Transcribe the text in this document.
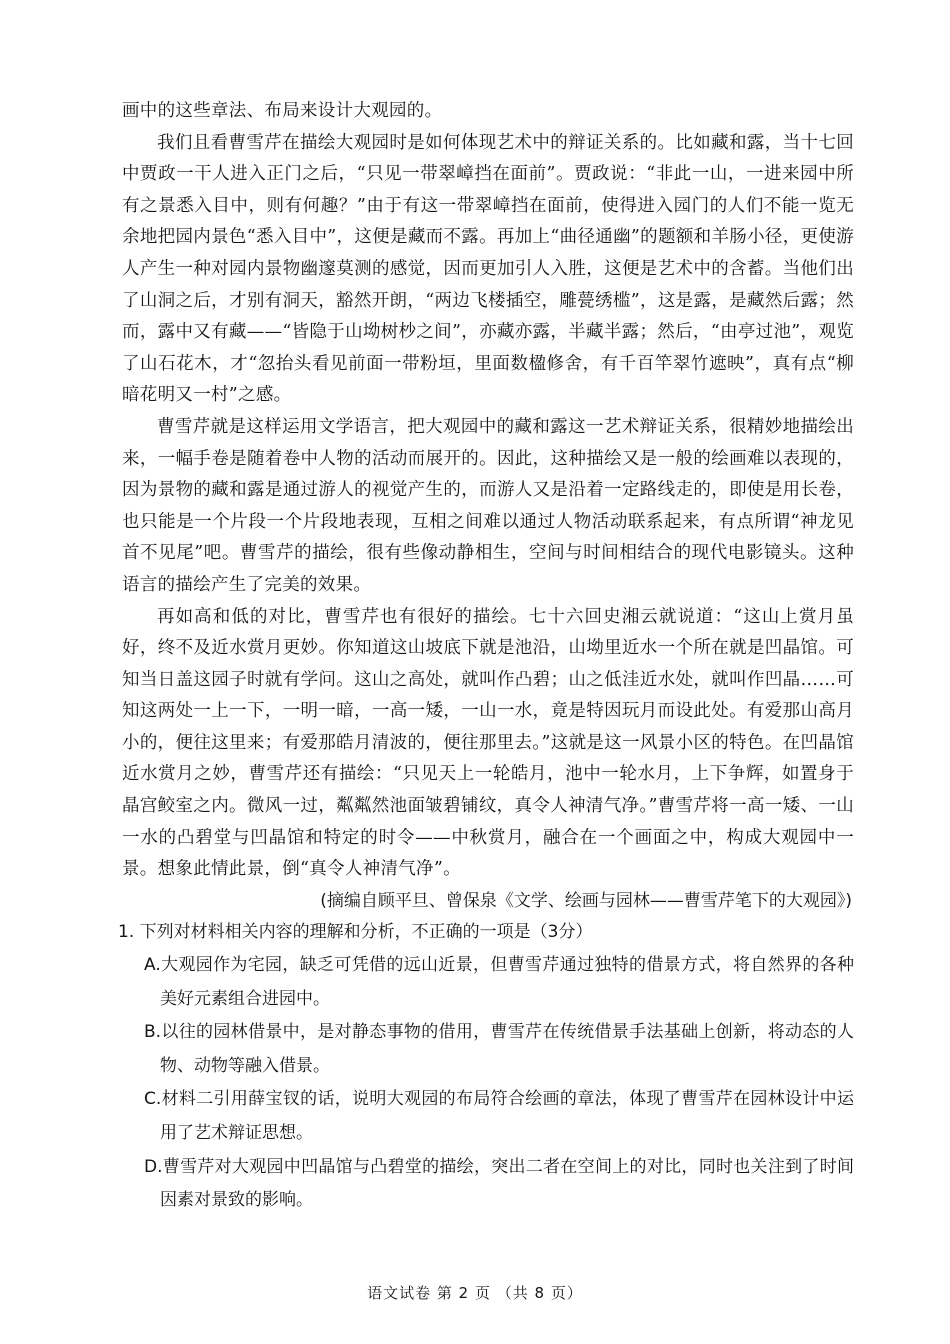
画中的这些章法、布局来设计大观园的。

我们且看曹雪芹在描绘大观园时是如何体现艺术中的辩证关系的。比如藏和露，当十七回中贾政一干人进入正门之后，“只见一带翠嶂挡在面前”。贾政说：“非此一山，一进来园中所有之景悉入目中，则有何趣？”由于有这一带翠嶂挡在面前，使得进入园门的人们不能一览无余地把园内景色“悉入目中”，这便是藏而不露。再加上“曲径通幽”的题额和羊肠小径，更使游人产生一种对园内景物幽邃莫测的感觉，因而更加引人入胜，这便是艺术中的含蓄。当他们出了山洞之后，才别有洞天，豁然开朗，“两边飞楼插空，雕甍绣槛”，这是露，是藏然后露；然而，露中又有藏——“皆隐于山坳树杪之间”，亦藏亦露，半藏半露；然后，“由亭过池”，观览了山石花木，才“忽抬头看见前面一带粉垣，里面数楹修舍，有千百竿翠竹遮映”，真有点“柳暗花明又一村”之感。

曹雪芹就是这样运用文学语言，把大观园中的藏和露这一艺术辩证关系，很精妙地描绘出来，一幅手卷是随着卷中人物的活动而展开的。因此，这种描绘又是一般的绘画难以表现的，因为景物的藏和露是通过游人的视觉产生的，而游人又是沿着一定路线走的，即使是用长卷，也只能是一个片段一个片段地表现，互相之间难以通过人物活动联系起来，有点所谓“神龙见首不见尾”吧。曹雪芹的描绘，很有些像动静相生，空间与时间相结合的现代电影镜头。这种语言的描绘产生了完美的效果。

再如高和低的对比，曹雪芹也有很好的描绘。七十六回史湘云就说道：“这山上赏月虽好，终不及近水赏月更妙。你知道这山坡底下就是池沿，山坳里近水一个所在就是凹晶馆。可知当日盖这园子时就有学问。这山之高处，就叫作凸碧；山之低洼近水处，就叫作凹晶……可知这两处一上一下，一明一暗，一高一矮，一山一水，竟是特因玩月而设此处。有爱那山高月小的，便往这里来；有爱那皓月清波的，便往那里去。”这就是这一风景小区的特色。在凹晶馆近水赏月之妙，曹雪芹还有描绘：“只见天上一轮皓月，池中一轮水月，上下争辉，如置身于晶宫鲛室之内。微风一过，粼粼然池面皱碧铺纹，真令人神清气净。”曹雪芹将一高一矮、一山一水的凸碧堂与凹晶馆和特定的时令——中秋赏月，融合在一个画面之中，构成大观园中一景。想象此情此景，倒“真令人神清气净”。

(摘编自顾平旦、曾保泉《文学、绘画与园林——曹雪芹笔下的大观园》)

1. 下列对材料相关内容的理解和分析，不正确的一项是（3分）

A.大观园作为宅园，缺乏可凭借的远山近景，但曹雪芹通过独特的借景方式，将自然界的各种美好元素组合进园中。

B.以往的园林借景中，是对静态事物的借用，曹雪芹在传统借景手法基础上创新，将动态的人物、动物等融入借景。

C.材料二引用薛宝钗的话，说明大观园的布局符合绘画的章法，体现了曹雪芹在园林设计中运用了艺术辩证思想。

D.曹雪芹对大观园中凹晶馆与凸碧堂的描绘，突出二者在空间上的对比，同时也关注到了时间因素对景致的影响。

语文试卷 第 2 页 （共 8 页）
